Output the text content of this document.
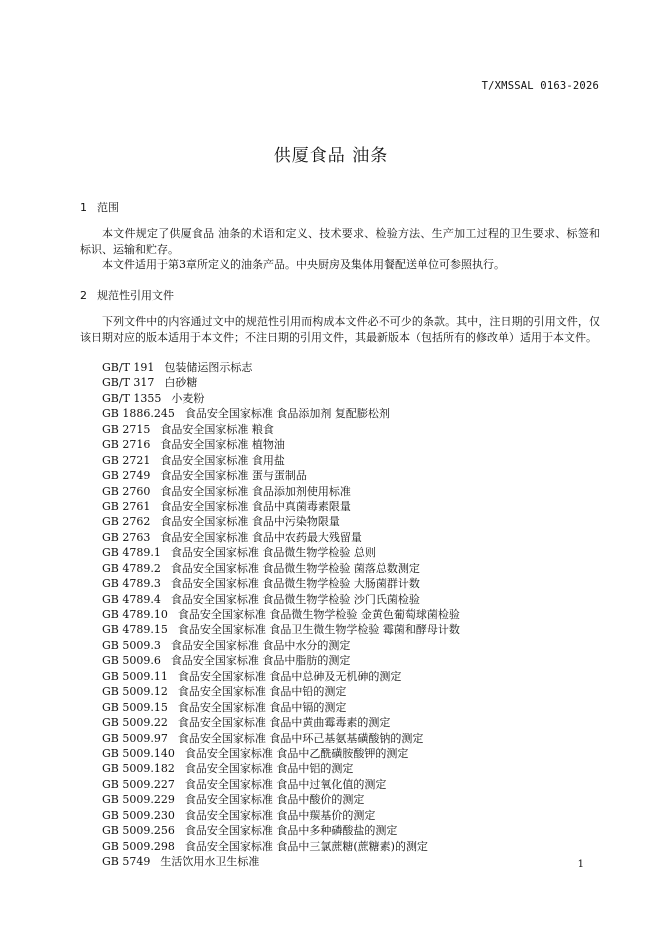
T/XMSSAL 0163-2026
供厦食品 油条
1 范围
本文件规定了供厦食品 油条的术语和定义、技术要求、检验方法、生产加工过程的卫生要求、标签和标识、运输和贮存。
本文件适用于第3章所定义的油条产品。中央厨房及集体用餐配送单位可参照执行。
2 规范性引用文件
下列文件中的内容通过文中的规范性引用而构成本文件必不可少的条款。其中，注日期的引用文件，仅该日期对应的版本适用于本文件；不注日期的引用文件，其最新版本（包括所有的修改单）适用于本文件。
GB/T 191 包装储运图示标志
GB/T 317 白砂糖
GB/T 1355 小麦粉
GB 1886.245 食品安全国家标准 食品添加剂 复配膨松剂
GB 2715 食品安全国家标准 粮食
GB 2716 食品安全国家标准 植物油
GB 2721 食品安全国家标准 食用盐
GB 2749 食品安全国家标准 蛋与蛋制品
GB 2760 食品安全国家标准 食品添加剂使用标准
GB 2761 食品安全国家标准 食品中真菌毒素限量
GB 2762 食品安全国家标准 食品中污染物限量
GB 2763 食品安全国家标准 食品中农药最大残留量
GB 4789.1 食品安全国家标准 食品微生物学检验 总则
GB 4789.2 食品安全国家标准 食品微生物学检验 菌落总数测定
GB 4789.3 食品安全国家标准 食品微生物学检验 大肠菌群计数
GB 4789.4 食品安全国家标准 食品微生物学检验 沙门氏菌检验
GB 4789.10 食品安全国家标准 食品微生物学检验 金黄色葡萄球菌检验
GB 4789.15 食品安全国家标准 食品卫生微生物学检验 霉菌和酵母计数
GB 5009.3 食品安全国家标准 食品中水分的测定
GB 5009.6 食品安全国家标准 食品中脂肪的测定
GB 5009.11 食品安全国家标准 食品中总砷及无机砷的测定
GB 5009.12 食品安全国家标准 食品中铅的测定
GB 5009.15 食品安全国家标准 食品中镉的测定
GB 5009.22 食品安全国家标准 食品中黄曲霉毒素的测定
GB 5009.97 食品安全国家标准 食品中环己基氨基磺酸钠的测定
GB 5009.140 食品安全国家标准 食品中乙酰磺胺酸钾的测定
GB 5009.182 食品安全国家标准 食品中铝的测定
GB 5009.227 食品安全国家标准 食品中过氧化值的测定
GB 5009.229 食品安全国家标准 食品中酸价的测定
GB 5009.230 食品安全国家标准 食品中羰基价的测定
GB 5009.256 食品安全国家标准 食品中多种磷酸盐的测定
GB 5009.298 食品安全国家标准 食品中三氯蔗糖(蔗糖素)的测定
GB 5749 生活饮用水卫生标准	1
